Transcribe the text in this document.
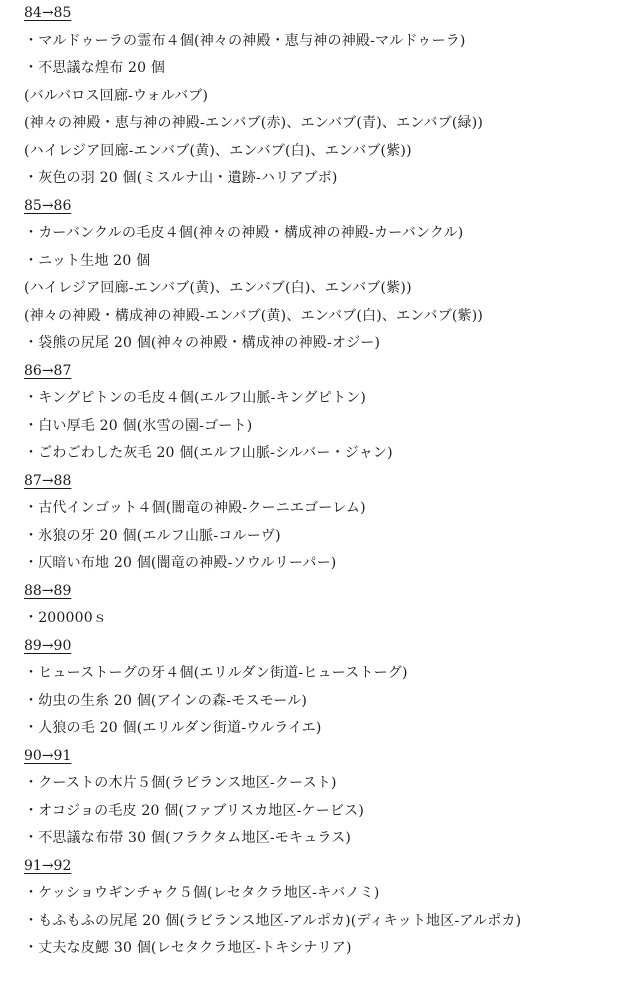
84→85
・マルドゥーラの霊布４個(神々の神殿・恵与神の神殿-マルドゥーラ)
・不思議な煌布 20 個
(バルバロス回廊-ウォルバブ)
(神々の神殿・恵与神の神殿-エンバブ(赤)、エンバブ(青)、エンバブ(緑))
(ハイレジア回廊-エンバブ(黄)、エンバブ(白)、エンバブ(紫))
・灰色の羽 20 個(ミスルナ山・遺跡-ハリアブボ)
85→86
・カーバンクルの毛皮４個(神々の神殿・構成神の神殿-カーバンクル)
・ニット生地 20 個
(ハイレジア回廊-エンバブ(黄)、エンバブ(白)、エンバブ(紫))
(神々の神殿・構成神の神殿-エンバブ(黄)、エンバブ(白)、エンバブ(紫))
・袋熊の尻尾 20 個(神々の神殿・構成神の神殿-オジー)
86→87
・キングピトンの毛皮４個(エルフ山脈-キングピトン)
・白い厚毛 20 個(氷雪の園-ゴート)
・ごわごわした灰毛 20 個(エルフ山脈-シルバー・ジャン)
87→88
・古代インゴット４個(闇竜の神殿-クーニエゴーレム)
・氷狼の牙 20 個(エルフ山脈-コルーヴ)
・仄暗い布地 20 個(闇竜の神殿-ソウルリーパー)
88→89
・200000ｓ
89→90
・ヒューストーグの牙４個(エリルダン街道-ヒューストーグ)
・幼虫の生糸 20 個(アインの森-モスモール)
・人狼の毛 20 個(エリルダン街道-ウルライエ)
90→91
・クーストの木片５個(ラビランス地区-クースト)
・オコジョの毛皮 20 個(ファブリスカ地区-ケービス)
・不思議な布帯 30 個(フラクタム地区-モキュラス)
91→92
・ケッショウギンチャク５個(レセタクラ地区-キバノミ)
・もふもふの尻尾 20 個(ラビランス地区-アルポカ)(ディキット地区-アルポカ)
・丈夫な皮鰓 30 個(レセタクラ地区-トキシナリア)
